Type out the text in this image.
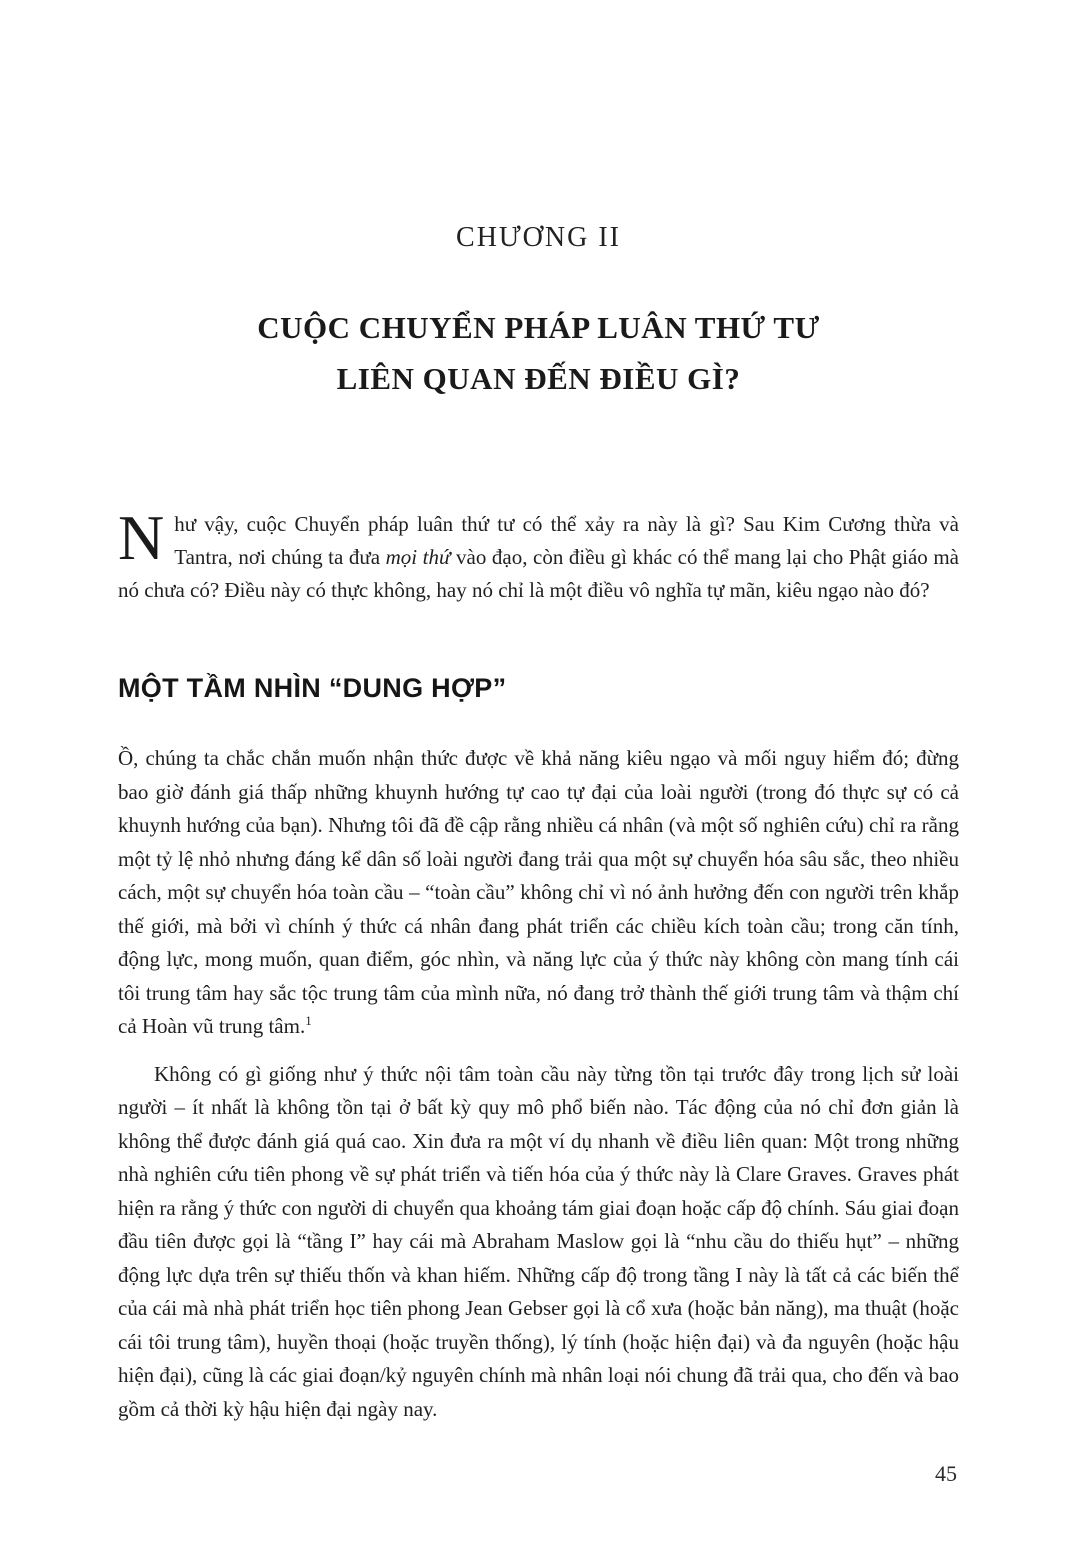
CHƯƠNG II
CUỘC CHUYỂN PHÁP LUÂN THỨ TƯ
LIÊN QUAN ĐẾN ĐIỀU GÌ?

Như vậy, cuộc Chuyển pháp luân thứ tư có thể xảy ra này là gì? Sau Kim Cương thừa và Tantra, nơi chúng ta đưa mọi thứ vào đạo, còn điều gì khác có thể mang lại cho Phật giáo mà nó chưa có? Điều này có thực không, hay nó chỉ là một điều vô nghĩa tự mãn, kiêu ngạo nào đó?

MỘT TẦM NHÌN “DUNG HỢP”

Ồ, chúng ta chắc chắn muốn nhận thức được về khả năng kiêu ngạo và mối nguy hiểm đó; đừng bao giờ đánh giá thấp những khuynh hướng tự cao tự đại của loài người (trong đó thực sự có cả khuynh hướng của bạn). Nhưng tôi đã đề cập rằng nhiều cá nhân (và một số nghiên cứu) chỉ ra rằng một tỷ lệ nhỏ nhưng đáng kể dân số loài người đang trải qua một sự chuyển hóa sâu sắc, theo nhiều cách, một sự chuyển hóa toàn cầu – “toàn cầu” không chỉ vì nó ảnh hưởng đến con người trên khắp thế giới, mà bởi vì chính ý thức cá nhân đang phát triển các chiều kích toàn cầu; trong căn tính, động lực, mong muốn, quan điểm, góc nhìn, và năng lực của ý thức này không còn mang tính cái tôi trung tâm hay sắc tộc trung tâm của mình nữa, nó đang trở thành thế giới trung tâm và thậm chí cả Hoàn vũ trung tâm.$^1$

Không có gì giống như ý thức nội tâm toàn cầu này từng tồn tại trước đây trong lịch sử loài người – ít nhất là không tồn tại ở bất kỳ quy mô phổ biến nào. Tác động của nó chỉ đơn giản là không thể được đánh giá quá cao. Xin đưa ra một ví dụ nhanh về điều liên quan: Một trong những nhà nghiên cứu tiên phong về sự phát triển và tiến hóa của ý thức này là Clare Graves. Graves phát hiện ra rằng ý thức con người di chuyển qua khoảng tám giai đoạn hoặc cấp độ chính. Sáu giai đoạn đầu tiên được gọi là “tầng I” hay cái mà Abraham Maslow gọi là “nhu cầu do thiếu hụt” – những động lực dựa trên sự thiếu thốn và khan hiếm. Những cấp độ trong tầng I này là tất cả các biến thể của cái mà nhà phát triển học tiên phong Jean Gebser gọi là cổ xưa (hoặc bản năng), ma thuật (hoặc cái tôi trung tâm), huyền thoại (hoặc truyền thống), lý tính (hoặc hiện đại) và đa nguyên (hoặc hậu hiện đại), cũng là các giai đoạn/kỷ nguyên chính mà nhân loại nói chung đã trải qua, cho đến và bao gồm cả thời kỳ hậu hiện đại ngày nay.

45
